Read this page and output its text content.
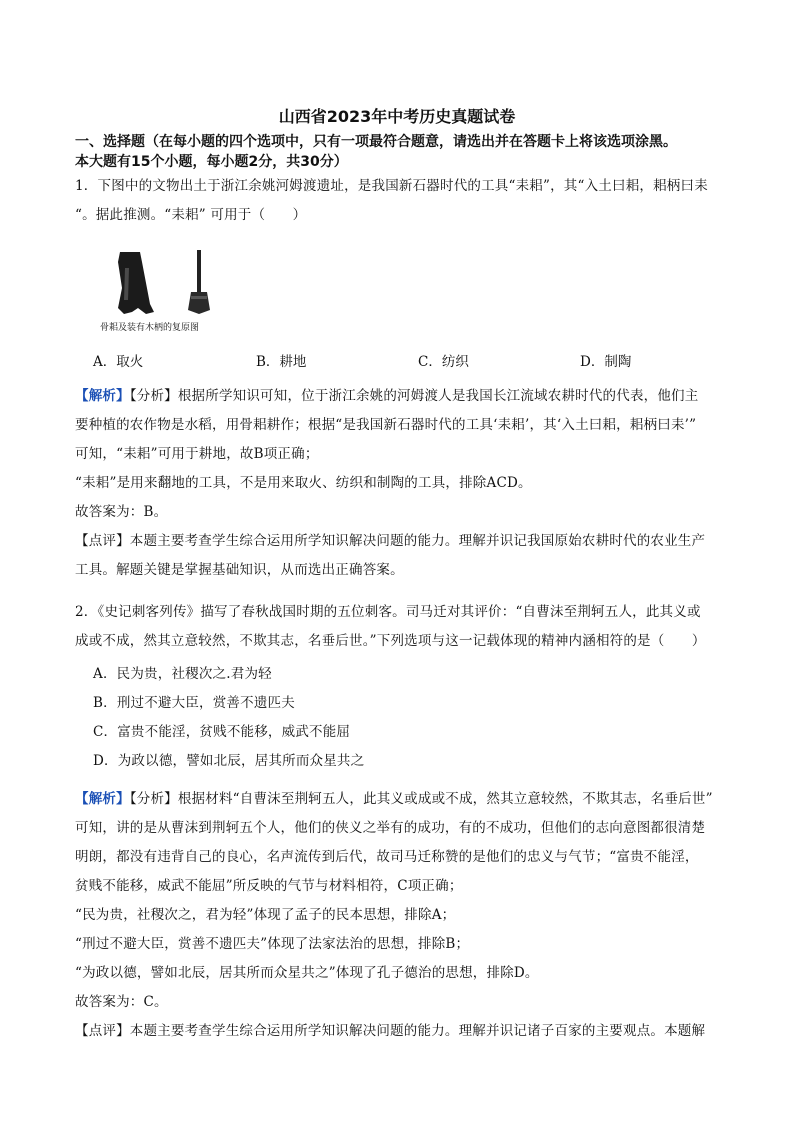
山西省2023年中考历史真题试卷
一、选择题（在每小题的四个选项中，只有一项最符合题意，请选出并在答题卡上将该选项涂黑。
本大题有15个小题，每小题2分，共30分）
1．下图中的文物出土于浙江余姚河姆渡遗址，是我国新石器时代的工具“耒耜”，其“入土曰耜，耜柄曰耒
“。据此推测。“耒耜” 可用于（　　）
骨耜及装有木柄的复原图
A．取火	B．耕地	C．纺织	D．制陶
【解析】【分析】根据所学知识可知，位于浙江余姚的河姆渡人是我国长江流域农耕时代的代表，他们主
要种植的农作物是水稻，用骨耜耕作；根据“是我国新石器时代的工具‘耒耜’，其‘入土曰耜，耜柄曰耒’”
可知，“耒耜”可用于耕地，故B项正确；
“耒耜”是用来翻地的工具，不是用来取火、纺织和制陶的工具，排除ACD。
故答案为：B。
【点评】本题主要考查学生综合运用所学知识解决问题的能力。理解并识记我国原始农耕时代的农业生产
工具。解题关键是掌握基础知识，从而选出正确答案。
2．《史记刺客列传》描写了春秋战国时期的五位刺客。司马迁对其评价：“自曹沫至荆轲五人，此其义或
成或不成，然其立意较然，不欺其志，名垂后世。”下列选项与这一记载体现的精神内涵相符的是（　　）
A．民为贵，社稷次之.君为轻
B．刑过不避大臣，赏善不遗匹夫
C．富贵不能淫，贫贱不能移，威武不能屈
D．为政以德，譬如北辰，居其所而众星共之
【解析】【分析】根据材料“自曹沫至荆轲五人，此其义或成或不成，然其立意较然，不欺其志，名垂后世”
可知，讲的是从曹沫到荆轲五个人，他们的侠义之举有的成功，有的不成功，但他们的志向意图都很清楚
明朗，都没有违背自己的良心，名声流传到后代，故司马迁称赞的是他们的忠义与气节；“富贵不能淫，
贫贱不能移，威武不能屈”所反映的气节与材料相符，C项正确；
“民为贵，社稷次之，君为轻”体现了孟子的民本思想，排除A；
“刑过不避大臣，赏善不遗匹夫”体现了法家法治的思想，排除B；
“为政以德，譬如北辰，居其所而众星共之”体现了孔子德治的思想，排除D。
故答案为：C。
【点评】本题主要考查学生综合运用所学知识解决问题的能力。理解并识记诸子百家的主要观点。本题解
